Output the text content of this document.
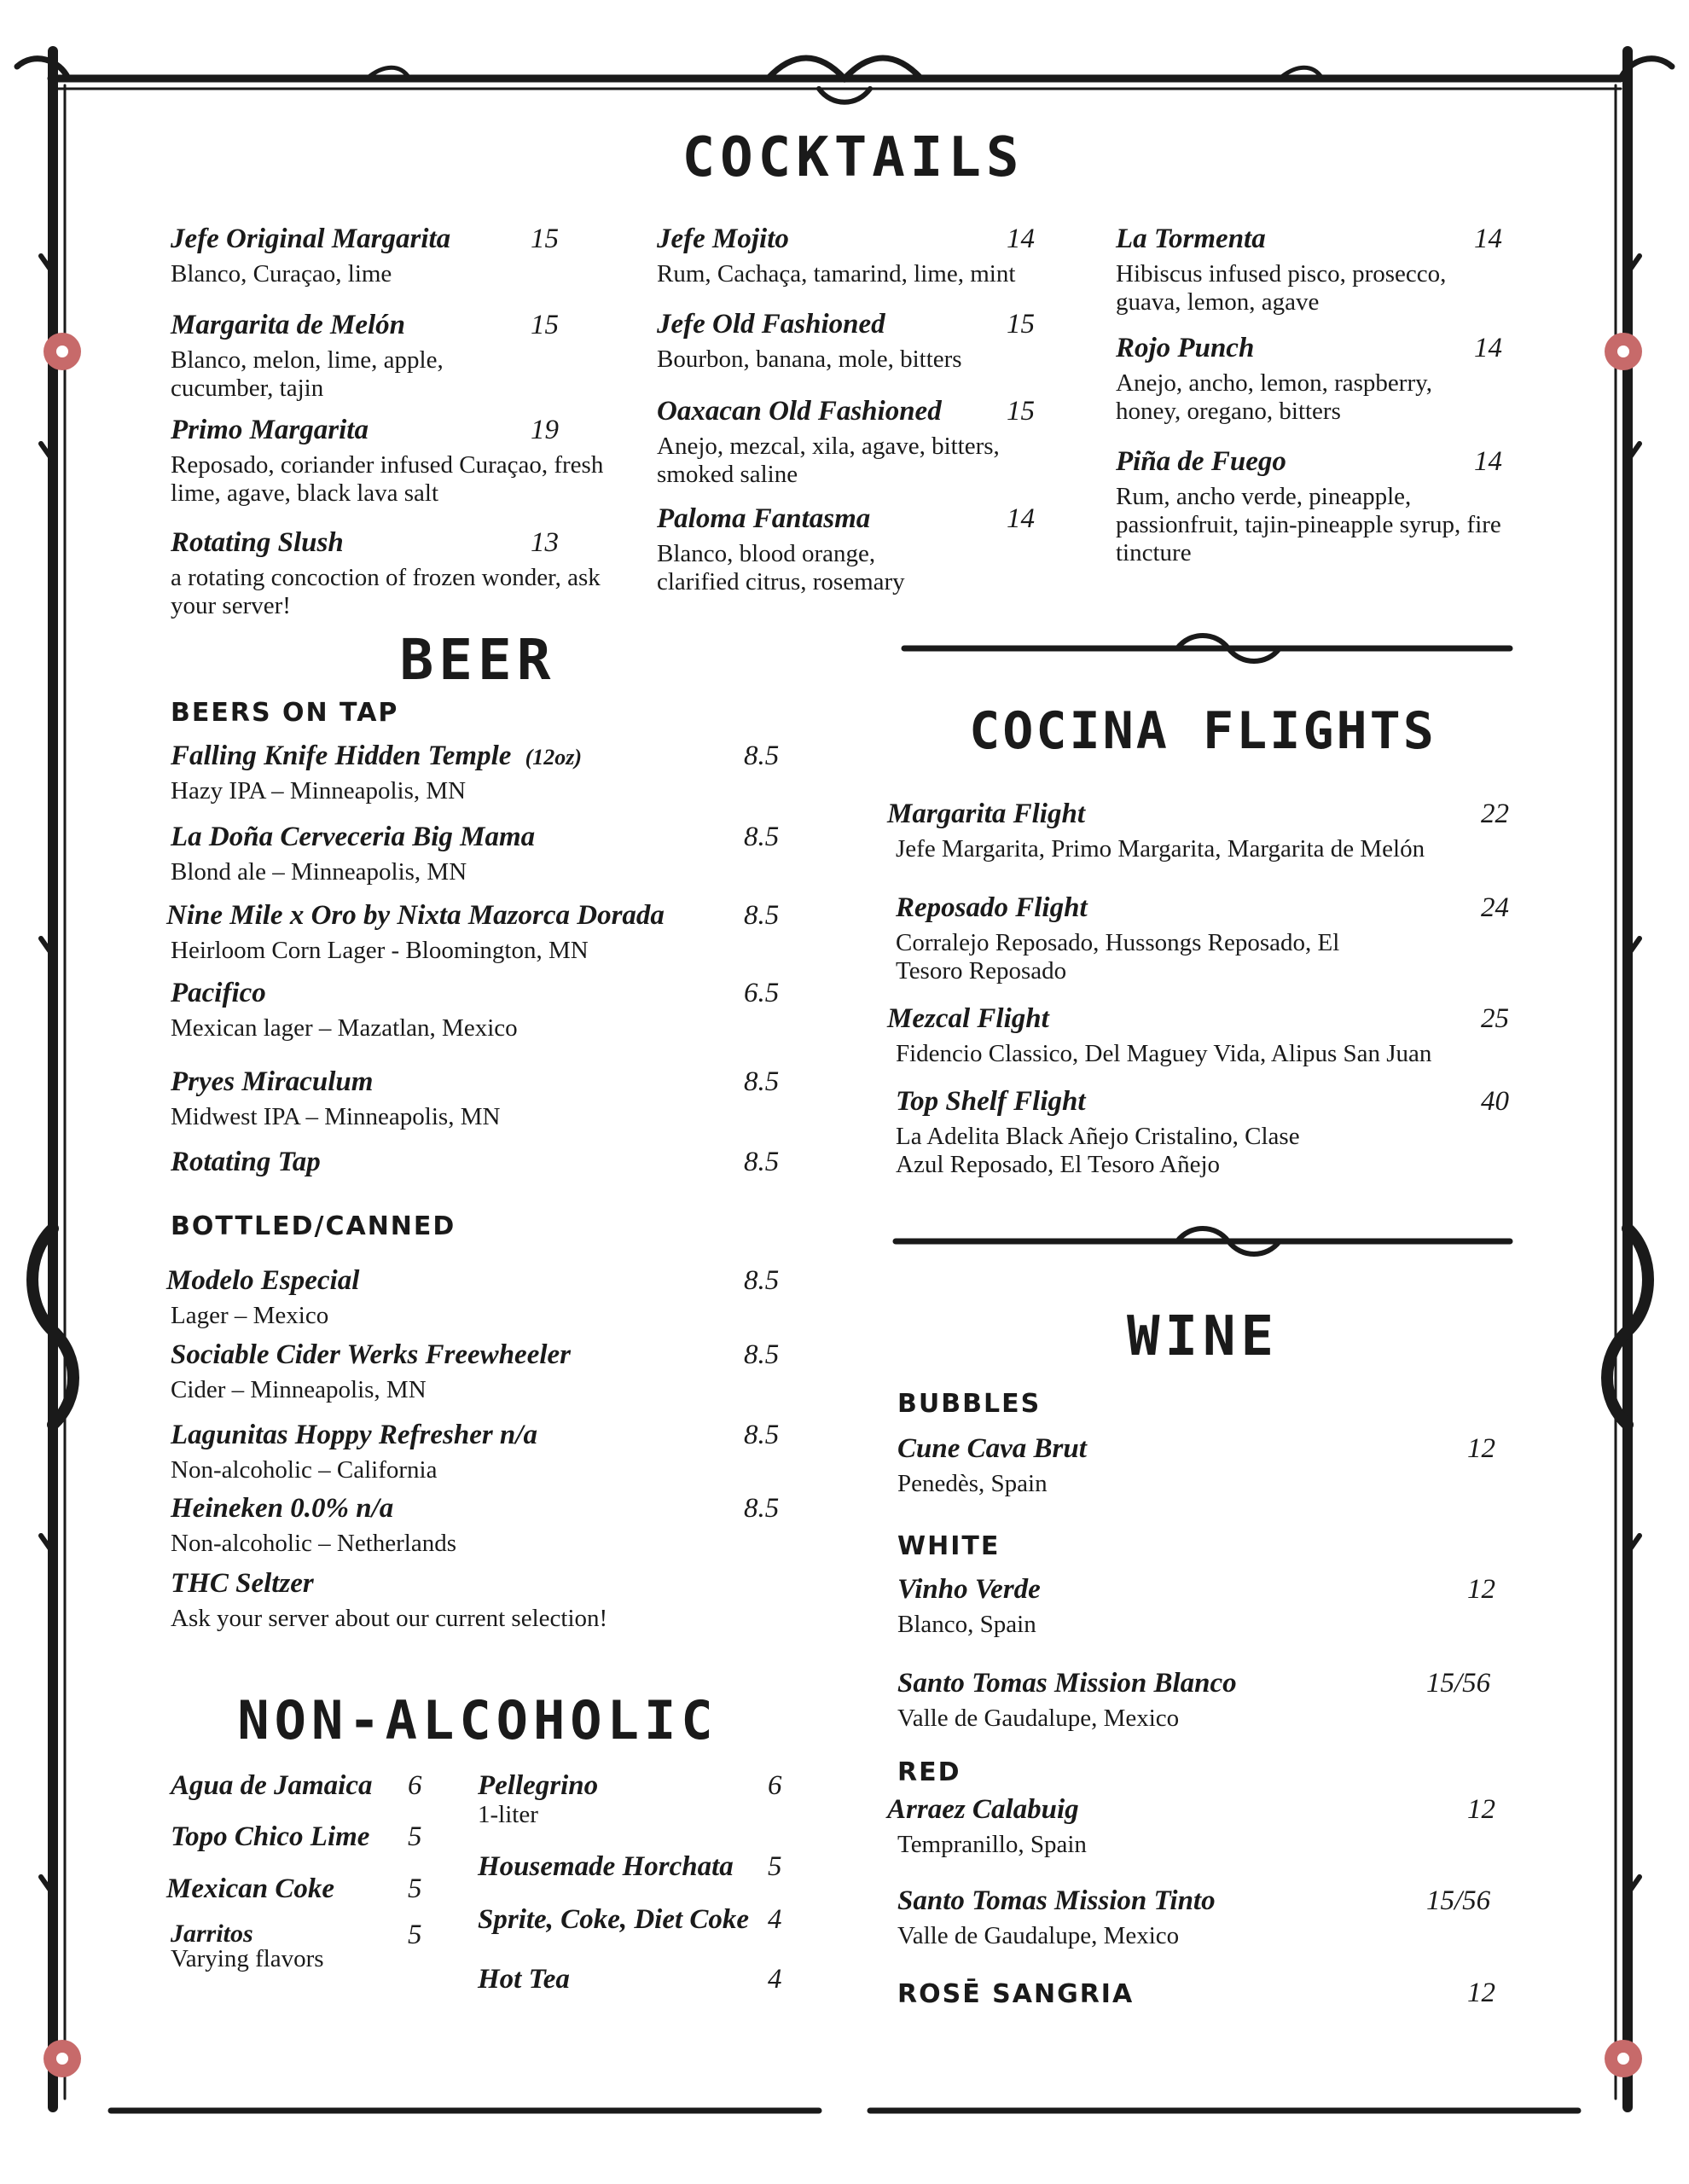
COCKTAILS
Jefe Original Margarita	15
Blanco, Curaçao, lime
Margarita de Melón	15
Blanco, melon, lime, apple, cucumber, tajin
Primo Margarita	19
Reposado, coriander infused Curaçao, fresh lime, agave, black lava salt
Rotating Slush	13
a rotating concoction of frozen wonder, ask your server!
Jefe Mojito	14
Rum, Cachaça, tamarind, lime, mint
Jefe Old Fashioned	15
Bourbon, banana, mole, bitters
Oaxacan Old Fashioned 15
Anejo, mezcal, xila, agave, bitters, smoked saline
Paloma Fantasma	14
Blanco, blood orange, clarified citrus, rosemary
La Tormenta	14
Hibiscus infused pisco, prosecco, guava, lemon, agave
Rojo Punch	14
Anejo, ancho, lemon, raspberry, honey, oregano, bitters
Piña de Fuego	14
Rum, ancho verde, pineapple, passionfruit, tajin-pineapple syrup, fire tincture
BEER
BEERS ON TAP
Falling Knife Hidden Temple (12oz)	8.5
Hazy IPA – Minneapolis, MN
La Doña Cerveceria Big Mama	8.5
Blond ale – Minneapolis, MN
Nine Mile x Oro by Nixta Mazorca Dorada	8.5
Heirloom Corn Lager - Bloomington, MN
Pacifico	6.5
Mexican lager – Mazatlan, Mexico
Pryes Miraculum	8.5
Midwest IPA – Minneapolis, MN
Rotating Tap	8.5
BOTTLED/CANNED
Modelo Especial	8.5
Lager – Mexico
Sociable Cider Werks Freewheeler	8.5
Cider – Minneapolis, MN
Lagunitas Hoppy Refresher n/a	8.5
Non-alcoholic – California
Heineken 0.0% n/a	8.5
Non-alcoholic – Netherlands
THC Seltzer
Ask your server about our current selection!
NON-ALCOHOLIC
Agua de Jamaica 6
Topo Chico Lime 5
Mexican Coke	5
Jarritos	5
Varying flavors
Pellegrino	6
1-liter
Housemade Horchata 5
Sprite, Coke, Diet Coke 4
Hot Tea	4
COCINA FLIGHTS
Margarita Flight	22
Jefe Margarita, Primo Margarita, Margarita de Melón
Reposado Flight	24
Corralejo Reposado, Hussongs Reposado, El Tesoro Reposado
Mezcal Flight	25
Fidencio Classico, Del Maguey Vida, Alipus San Juan
Top Shelf Flight	40
La Adelita Black Añejo Cristalino, Clase Azul Reposado, El Tesoro Añejo
WINE
BUBBLES
Cune Cava Brut	12
Penedès, Spain
WHITE
Vinho Verde	12
Blanco, Spain
Santo Tomas Mission Blanco	15/56
Valle de Gaudalupe, Mexico
RED
Arraez Calabuig	12
Tempranillo, Spain
Santo Tomas Mission Tinto	15/56
Valle de Gaudalupe, Mexico
ROSĒ SANGRIA	12
